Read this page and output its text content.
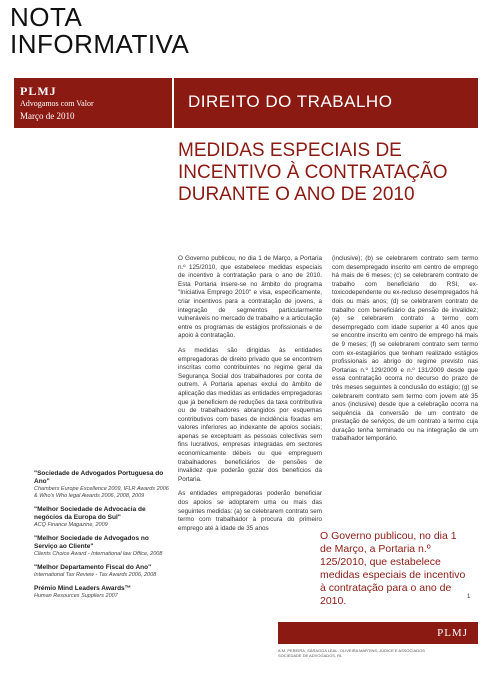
NOTA
INFORMATIVA
PLMJ
Advogamos com Valor
Março de 2010
DIREITO DO TRABALHO
MEDIDAS ESPECIAIS DE
INCENTIVO À CONTRATAÇÃO
DURANTE O ANO DE 2010

O Governo publicou, no dia 1 de Março, a Portaria n.º 125/2010, que estabelece medidas especiais de incentivo à contratação para o ano de 2010. Esta Portaria insere-se no âmbito do programa "Iniciativa Emprego 2010" e visa, especificamente, criar incentivos para a contratação de jovens, a integração de segmentos particularmente vulneráveis no mercado de trabalho e a articulação entre os programas de estágios profissionais e de apoio à contratação.

As medidas são dirigidas às entidades empregadoras de direito privado que se encontrem inscritas como contribuintes no regime geral da Segurança Social dos trabalhadores por conta de outrem. A Portaria apenas exclui do âmbito de aplicação das medidas as entidades empregadoras que já beneficiem de reduções da taxa contributiva ou de trabalhadores abrangidos por esquemas contributivos com bases de incidência fixadas em valores inferiores ao indexante de apoios sociais; apenas se exceptuam as pessoas colectivas sem fins lucrativos, empresas integradas em sectores economicamente débeis ou que empreguem trabalhadores beneficiários de pensões de invalidez que poderão gozar dos benefícios da Portaria.

As entidades empregadoras poderão beneficiar dos apoios se adoptarem uma ou mais das seguintes medidas: (a) se celebrarem contrato sem termo com trabalhador à procura do primeiro emprego até à idade de 35 anos

(inclusive); (b) se celebrarem contrato sem termo com desempregado inscrito em centro de emprego há mais de 6 meses; (c) se celebrarem contrato de trabalho com beneficiário do RSI, ex-toxicodependente ou ex-recluso desempregados há dois ou mais anos; (d) se celebrarem contrato de trabalho com beneficiário da pensão de invalidez; (e) se celebrarem contrato a termo com desempregado com idade superior a 40 anos que se encontre inscrito em centro de emprego há mais de 9 meses; (f) se celebrarem contrato sem termo com ex-estagiários que tenham realizado estágios profissionais ao abrigo do regime previsto nas Portarias n.º 129/2009 e n.º 131/2009 desde que essa contratação ocorra no decurso do prazo de três meses seguintes à conclusão do estágio; (g) se celebrarem contrato sem termo com jovem até 35 anos (inclusive) desde que a celebração ocorra na sequência da conversão de um contrato de prestação de serviços, de um contrato a termo cuja duração tenha terminado ou na integração de um trabalhador temporário.

O Governo publicou, no dia 1 de Março, a Portaria n.º 125/2010, que estabelece medidas especiais de incentivo à contratação para o ano de 2010.
"Sociedade de Advogados Portuguesa do Ano"
Chambers Europe Excellence 2009, IFLR Awards 2006 & Who's Who legal Awards 2006, 2008, 2009
"Melhor Sociedade de Advocacia de negócios da Europa do Sul"
ACQ Finance Magazine, 2009
"Melhor Sociedade de Advogados no Serviço ao Cliente"
Clients Choice Award - International law Office, 2008
"Melhor Departamento Fiscal do Ano"
International Tax Review - Tax Awards 2006, 2008
Prémio Mind Leaders Awards™
Human Resources Suppliers 2007	1
PLMJ
A.M. PEREIRA, SÁRAGGA LEAL, OLIVEIRA MARTINS, JÚDICE E ASSOCIADOS
SOCIEDADE DE ADVOGADOS, RL
